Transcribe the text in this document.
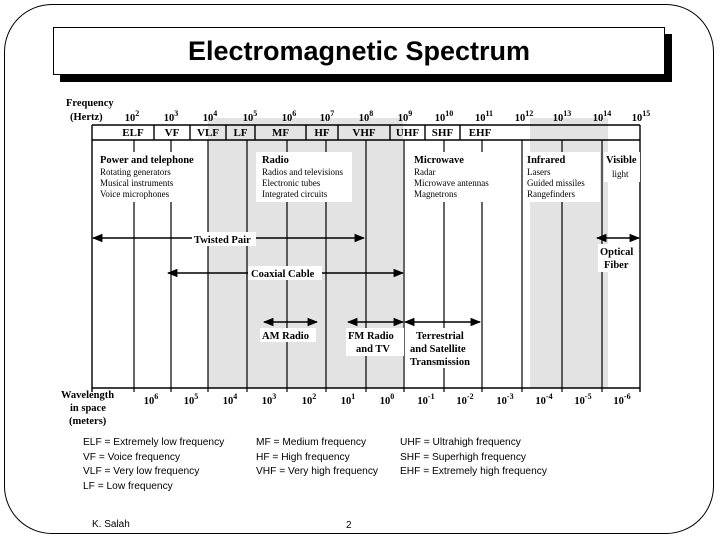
Electromagnetic Spectrum
Frequency
(Hertz) $10^2$ $10^3$ $10^4$ $10^5$ $10^6$ $10^7$ $10^8$ $10^9$ $10^{10}$ $10^{11}$ $10^{12}$ $10^{13}$ $10^{14}$ $10^{15}$
ELF VF VLF LF MF HF VHF UHF SHF EHF
Power and telephone
Rotating generators
Musical instruments
Voice microphones
Radio
Radios and televisions
Electronic tubes
Integrated circuits
Microwave
Radar
Microwave antennas
Magnetrons
Infrared
Lasers
Guided missiles
Rangefinders
Visible
light
Twisted Pair
Coaxial Cable
Optical
Fiber
AM Radio	FM Radio
and TV
Terrestrial
and Satellite
Transmission
Wavelength
in space
(meters)
$10^6$ $10^5$ $10^4$ $10^3$ $10^2$ $10^1$ $10^0$ $10^{-1}$ $10^{-2}$ $10^{-3}$ $10^{-4}$ $10^{-5}$ $10^{-6}$
ELF = Extremely low frequency
VF = Voice frequency
VLF = Very low frequency
LF = Low frequency
MF = Medium frequency
HF = High frequency
VHF = Very high frequency
UHF = Ultrahigh frequency
SHF = Superhigh frequency
EHF = Extremely high frequency
K. Salah	2
